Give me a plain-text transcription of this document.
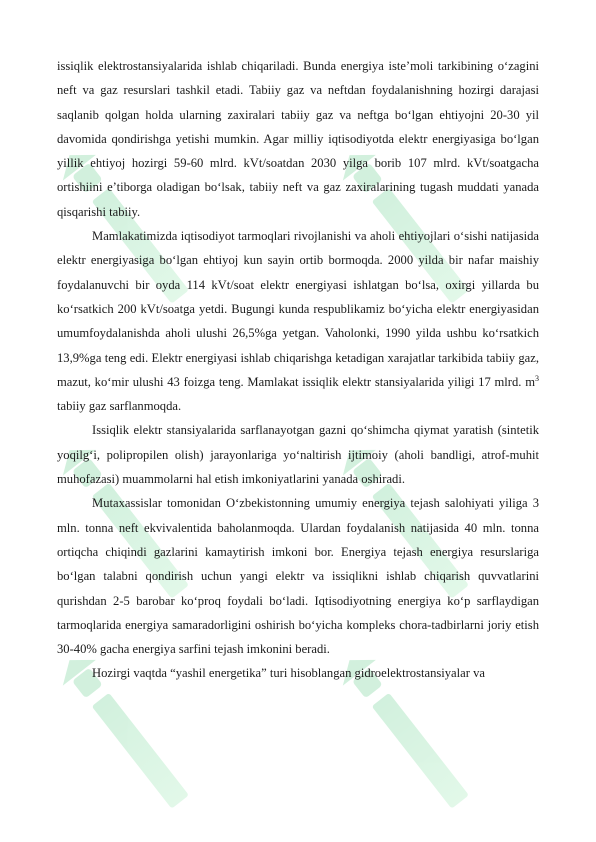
issiqlik elektrostansiyalarida ishlab chiqariladi. Bunda energiya iste’moli tarkibining o‘zagini neft va gaz resurslari tashkil etadi. Tabiiy gaz va neftdan foydalanishning hozirgi darajasi saqlanib qolgan holda ularning zaxiralari tabiiy gaz va neftga bo‘lgan ehtiyojni 20-30 yil davomida qondirishga yetishi mumkin. Agar milliy iqtisodiyotda elektr energiyasiga bo‘lgan yillik ehtiyoj hozirgi 59-60 mlrd. kVt/soatdan 2030 yilga borib 107 mlrd. kVt/soatgacha ortishiini e’tiborga oladigan bo‘lsak, tabiiy neft va gaz zaxiralarining tugash muddati yanada qisqarishi tabiiy.

Mamlakatimizda iqtisodiyot tarmoqlari rivojlanishi va aholi ehtiyojlari o‘sishi natijasida elektr energiyasiga bo‘lgan ehtiyoj kun sayin ortib bormoqda. 2000 yilda bir nafar maishiy foydalanuvchi bir oyda 114 kVt/soat elektr energiyasi ishlatgan bo‘lsa, oxirgi yillarda bu ko‘rsatkich 200 kVt/soatga yetdi. Bugungi kunda respublikamiz bo‘yicha elektr energiyasidan umumfoydalanishda aholi ulushi 26,5%ga yetgan. Vaholonki, 1990 yilda ushbu ko‘rsatkich 13,9%ga teng edi. Elektr energiyasi ishlab chiqarishga ketadigan xarajatlar tarkibida tabiiy gaz, mazut, ko‘mir ulushi 43 foizga teng. Mamlakat issiqlik elektr stansiyalarida yiligi 17 mlrd. $m^3$ tabiiy gaz sarflanmoqda.

Issiqlik elektr stansiyalarida sarflanayotgan gazni qo‘shimcha qiymat yaratish (sintetik yoqilg‘i, polipropilen olish) jarayonlariga yo‘naltirish ijtimoiy (aholi bandligi, atrof-muhit muhofazasi) muammolarni hal etish imkoniyatlarini yanada oshiradi.

Mutaxassislar tomonidan O‘zbekistonning umumiy energiya tejash salohiyati yiliga 3 mln. tonna neft ekvivalentida baholanmoqda. Ulardan foydalanish natijasida 40 mln. tonna ortiqcha chiqindi gazlarini kamaytirish imkoni bor. Energiya tejash energiya resurslariga bo‘lgan talabni qondirish uchun yangi elektr va issiqlikni ishlab chiqarish quvvatlarini qurishdan 2-5 barobar ko‘proq foydali bo‘ladi. Iqtisodiyotning energiya ko‘p sarflaydigan tarmoqlarida energiya samaradorligini oshirish bo‘yicha kompleks chora-tadbirlarni joriy etish 30-40% gacha energiya sarfini tejash imkonini beradi.

Hozirgi vaqtda “yashil energetika” turi hisoblangan gidroelektrostansiyalar va
